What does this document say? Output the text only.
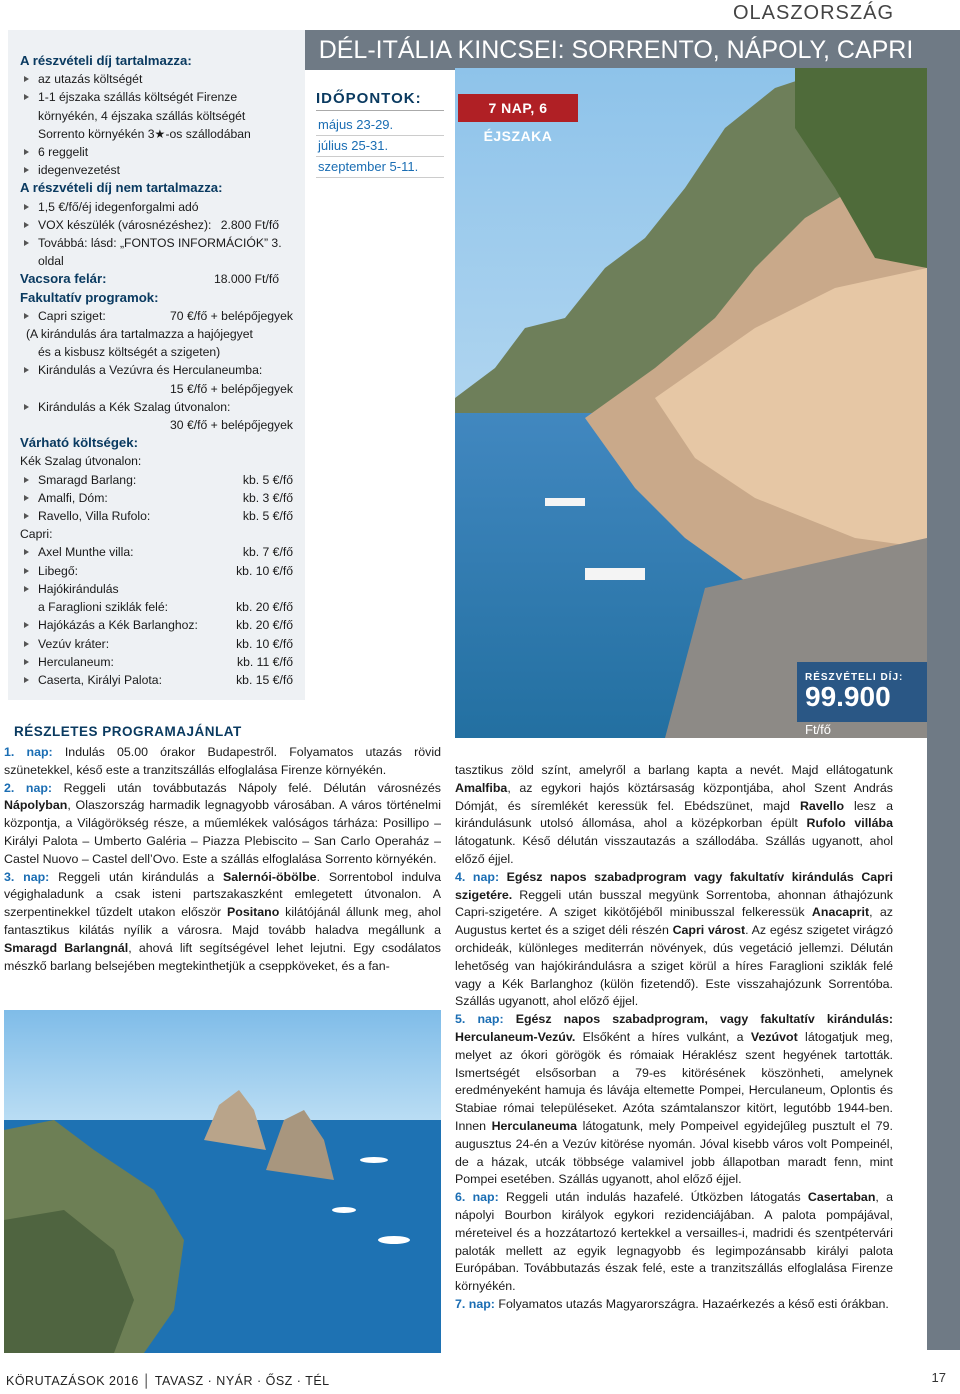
OLASZORSZÁG
DÉL-ITÁLIA KINCSEI: SORRENTO, NÁPOLY, CAPRI
A részvételi díj tartalmazza:
az utazás költségét
1-1 éjszaka szállás költségét Firenze
környékén, 4 éjszaka szállás költségét
Sorrento környékén 3★-os szállodában
6 reggelit
idegenvezetést
A részvételi díj nem tartalmazza:
1,5 €/fő/éj idegenforgalmi adó
VOX készülék (városnézéshez): 2.800 Ft/fő
Továbbá: lásd: „FONTOS INFORMÁCIÓK” 3. oldal
Vacsora felár:	18.000 Ft/fő
Fakultatív programok:
Capri sziget:	70 €/fő + belépőjegyek
(A kirándulás ára tartalmazza a hajójegyet
és a kisbusz költségét a szigeten)
Kirándulás a Vezúvra és Herculaneumba:
15 €/fő + belépőjegyek
Kirándulás a Kék Szalag útvonalon:
30 €/fő + belépőjegyek
Várható költségek:
Kék Szalag útvonalon:
Smaragd Barlang:	kb. 5 €/fő
Amalfi, Dóm:	kb. 3 €/fő
Ravello, Villa Rufolo:	kb. 5 €/fő
Capri:
Axel Munthe villa:	kb. 7 €/fő
Libegő:	kb. 10 €/fő
Hajókirándulás
a Faraglioni sziklák felé:	kb. 20 €/fő
Hajókázás a Kék Barlanghoz:	kb. 20 €/fő
Vezúv kráter:	kb. 10 €/fő
Herculaneum:	kb. 11 €/fő
Caserta, Királyi Palota:	kb. 15 €/fő
IDŐPONTOK:
május 23-29.
július 25-31.
szeptember 5-11.
7 NAP, 6 ÉJSZAKA
RÉSZVÉTELI DÍJ:
99.900 Ft/fő
RÉSZLETES PROGRAMAJÁNLAT

1. nap: Indulás 05.00 órakor Budapestről. Folyamatos utazás rövid szünetekkel, késő este a tranzitszállás elfoglalása Firenze környékén.

2. nap: Reggeli után továbbutazás Nápoly felé. Délután városnézés Nápolyban, Olaszország harmadik legnagyobb városában. A város történelmi központja, a Világörökség része, a műemlékek valóságos tárháza: Posillipo – Királyi Palota – Umberto Galéria – Piazza Plebiscito – San Carlo Operaház – Castel Nuovo – Castel dell’Ovo. Este a szállás elfoglalása Sorrento környékén.

3. nap: Reggeli után kirándulás a Salernói-öbölbe. Sorrentobol indulva végighaladunk a csak isteni partszakaszként emlegetett útvonalon. A szerpentinekkel tűzdelt utakon először Positano kilátójánál állunk meg, ahol fantasztikus kilátás nyílik a városra. Majd tovább haladva megállunk a Smaragd Barlangnál, ahová lift segítségével lehet lejutni. Egy csodálatos mészkő barlang belsejében megtekinthetjük a cseppköveket, és a fan-

tasztikus zöld színt, amelyről a barlang kapta a nevét. Majd ellátogatunk Amalfiba, az egykori hajós köztársaság központjába, ahol Szent András Dómját, és síremlékét keressük fel. Ebédszünet, majd Ravello lesz a kirándulásunk utolsó állomása, ahol a középkorban épült Rufolo villába látogatunk. Késő délután visszautazás a szállodába. Szállás ugyanott, ahol előző éjjel.

4. nap: Egész napos szabadprogram vagy fakultatív kirándulás Capri szigetére. Reggeli után busszal megyünk Sorrentoba, ahonnan áthajózunk Capri-szigetére. A sziget kikötőjéből minibusszal felkeressük Anacaprit, az Augustus kertet és a sziget déli részén Capri várost. Az egész szigetet virágzó orchideák, különleges mediterrán növények, dús vegetáció jellemzi. Délután lehetőség van hajókirándulásra a sziget körül a híres Faraglioni sziklák felé vagy a Kék Barlanghoz (külön fizetendő). Este visszahajózunk Sorrentóba. Szállás ugyanott, ahol előző éjjel.

5. nap: Egész napos szabadprogram, vagy fakultatív kirándulás: Herculaneum-Vezúv. Elsőként a híres vulkánt, a Vezúvot látogatjuk meg, melyet az ókori görögök és rómaiak Héraklész szent hegyének tartották. Ismertségét elsősorban a 79-es kitörésének köszönheti, amelynek eredményeként hamuja és lávája eltemette Pompei, Herculaneum, Oplontis és Stabiae római településeket. Azóta számtalanszor kitört, legutóbb 1944-ben. Innen Herculaneuma látogatunk, mely Pompeivel egyidejűleg pusztult el 79. augusztus 24-én a Vezúv kitörése nyomán. Jóval kisebb város volt Pompeinél, de a házak, utcák többsége valamivel jobb állapotban maradt fenn, mint Pompei esetében. Szállás ugyanott, ahol előző éjjel.

6. nap: Reggeli után indulás hazafelé. Útközben látogatás Casertaban, a nápolyi Bourbon királyok egykori rezidenciájában. A palota pompájával, méreteivel és a hozzátartozó kertekkel a versailles-i, madridi és szentpétervári paloták mellett az egyik legnagyobb és legimpozánsabb királyi palota Európában. Továbbutazás észak felé, este a tranzitszállás elfoglalása Firenze környékén.

7. nap: Folyamatos utazás Magyarországra. Hazaérkezés a késő esti órákban.

KÖRUTAZÁSOK 2016 │ TAVASZ · NYÁR · ŐSZ · TÉL	17
